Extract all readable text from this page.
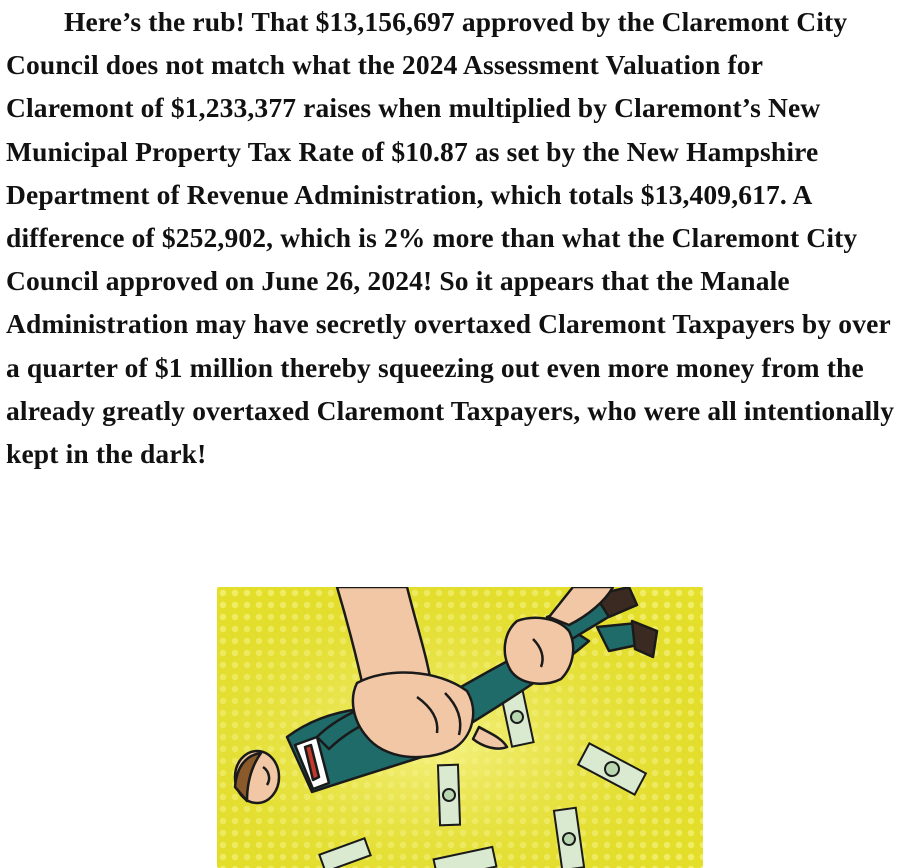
Here’s the rub! That $13,156,697 approved by the Claremont City Council does not match what the 2024 Assessment Valuation for Claremont of $1,233,377 raises when multiplied by Claremont’s New Municipal Property Tax Rate of $10.87 as set by the New Hampshire Department of Revenue Administration, which totals $13,409,617. A difference of $252,902, which is 2% more than what the Claremont City Council approved on June 26, 2024! So it appears that the Manale Administration may have secretly overtaxed Claremont Taxpayers by over a quarter of $1 million thereby squeezing out even more money from the already greatly overtaxed Claremont Taxpayers, who were all intentionally kept in the dark!
